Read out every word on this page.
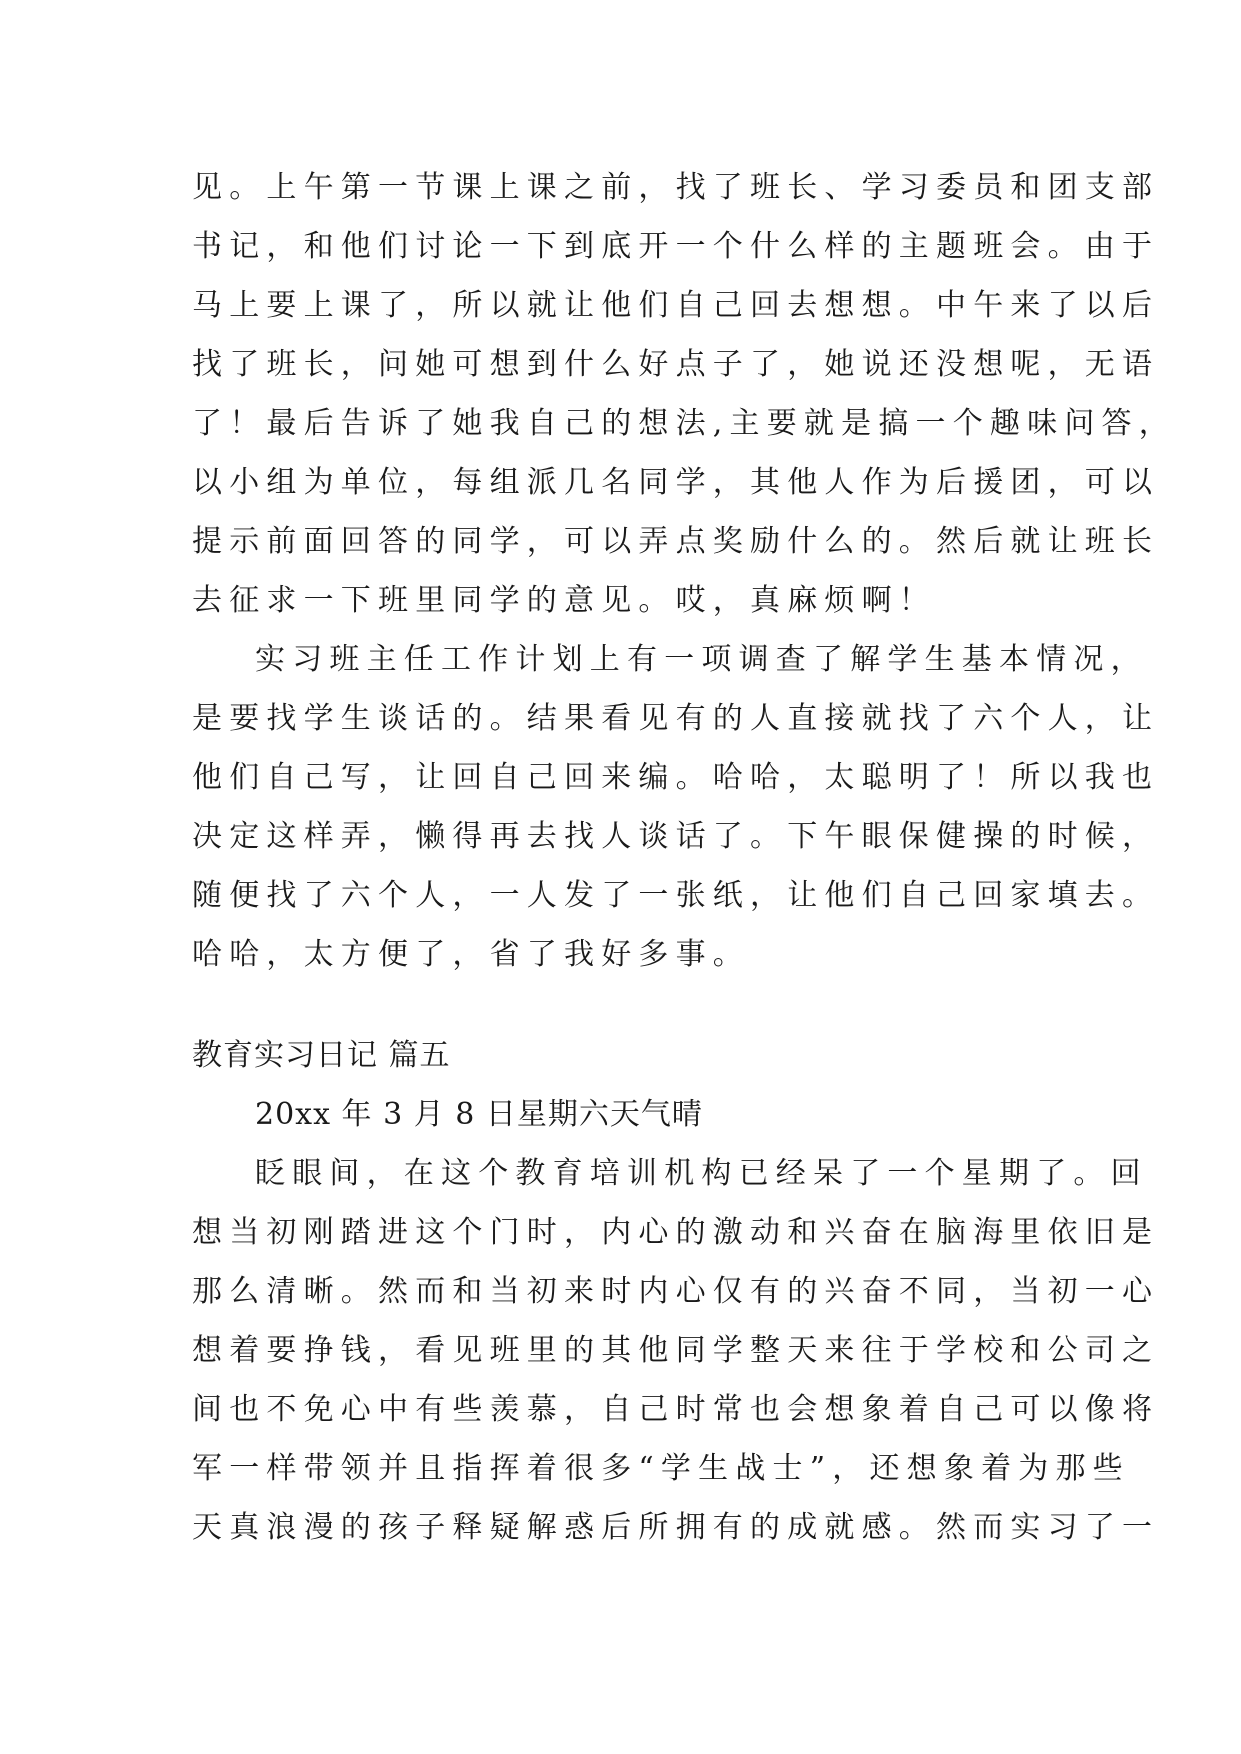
见。上午第一节课上课之前，找了班长、学习委员和团支部
书记，和他们讨论一下到底开一个什么样的主题班会。由于
马上要上课了，所以就让他们自己回去想想。中午来了以后
找了班长，问她可想到什么好点子了，她说还没想呢，无语
了！最后告诉了她我自己的想法,主要就是搞一个趣味问答，
以小组为单位，每组派几名同学，其他人作为后援团，可以
提示前面回答的同学，可以弄点奖励什么的。然后就让班长
去征求一下班里同学的意见。哎，真麻烦啊！
实习班主任工作计划上有一项调查了解学生基本情况，
是要找学生谈话的。结果看见有的人直接就找了六个人，让
他们自己写，让回自己回来编。哈哈，太聪明了！所以我也
决定这样弄，懒得再去找人谈话了。下午眼保健操的时候，
随便找了六个人，一人发了一张纸，让他们自己回家填去。
哈哈，太方便了，省了我好多事。
教育实习日记 篇五
20xx 年 3 月 8 日星期六天气晴
眨眼间，在这个教育培训机构已经呆了一个星期了。回
想当初刚踏进这个门时，内心的激动和兴奋在脑海里依旧是
那么清晰。然而和当初来时内心仅有的兴奋不同，当初一心
想着要挣钱，看见班里的其他同学整天来往于学校和公司之
间也不免心中有些羡慕，自己时常也会想象着自己可以像将
军一样带领并且指挥着很多“学生战士”，还想象着为那些
天真浪漫的孩子释疑解惑后所拥有的成就感。然而实习了一
